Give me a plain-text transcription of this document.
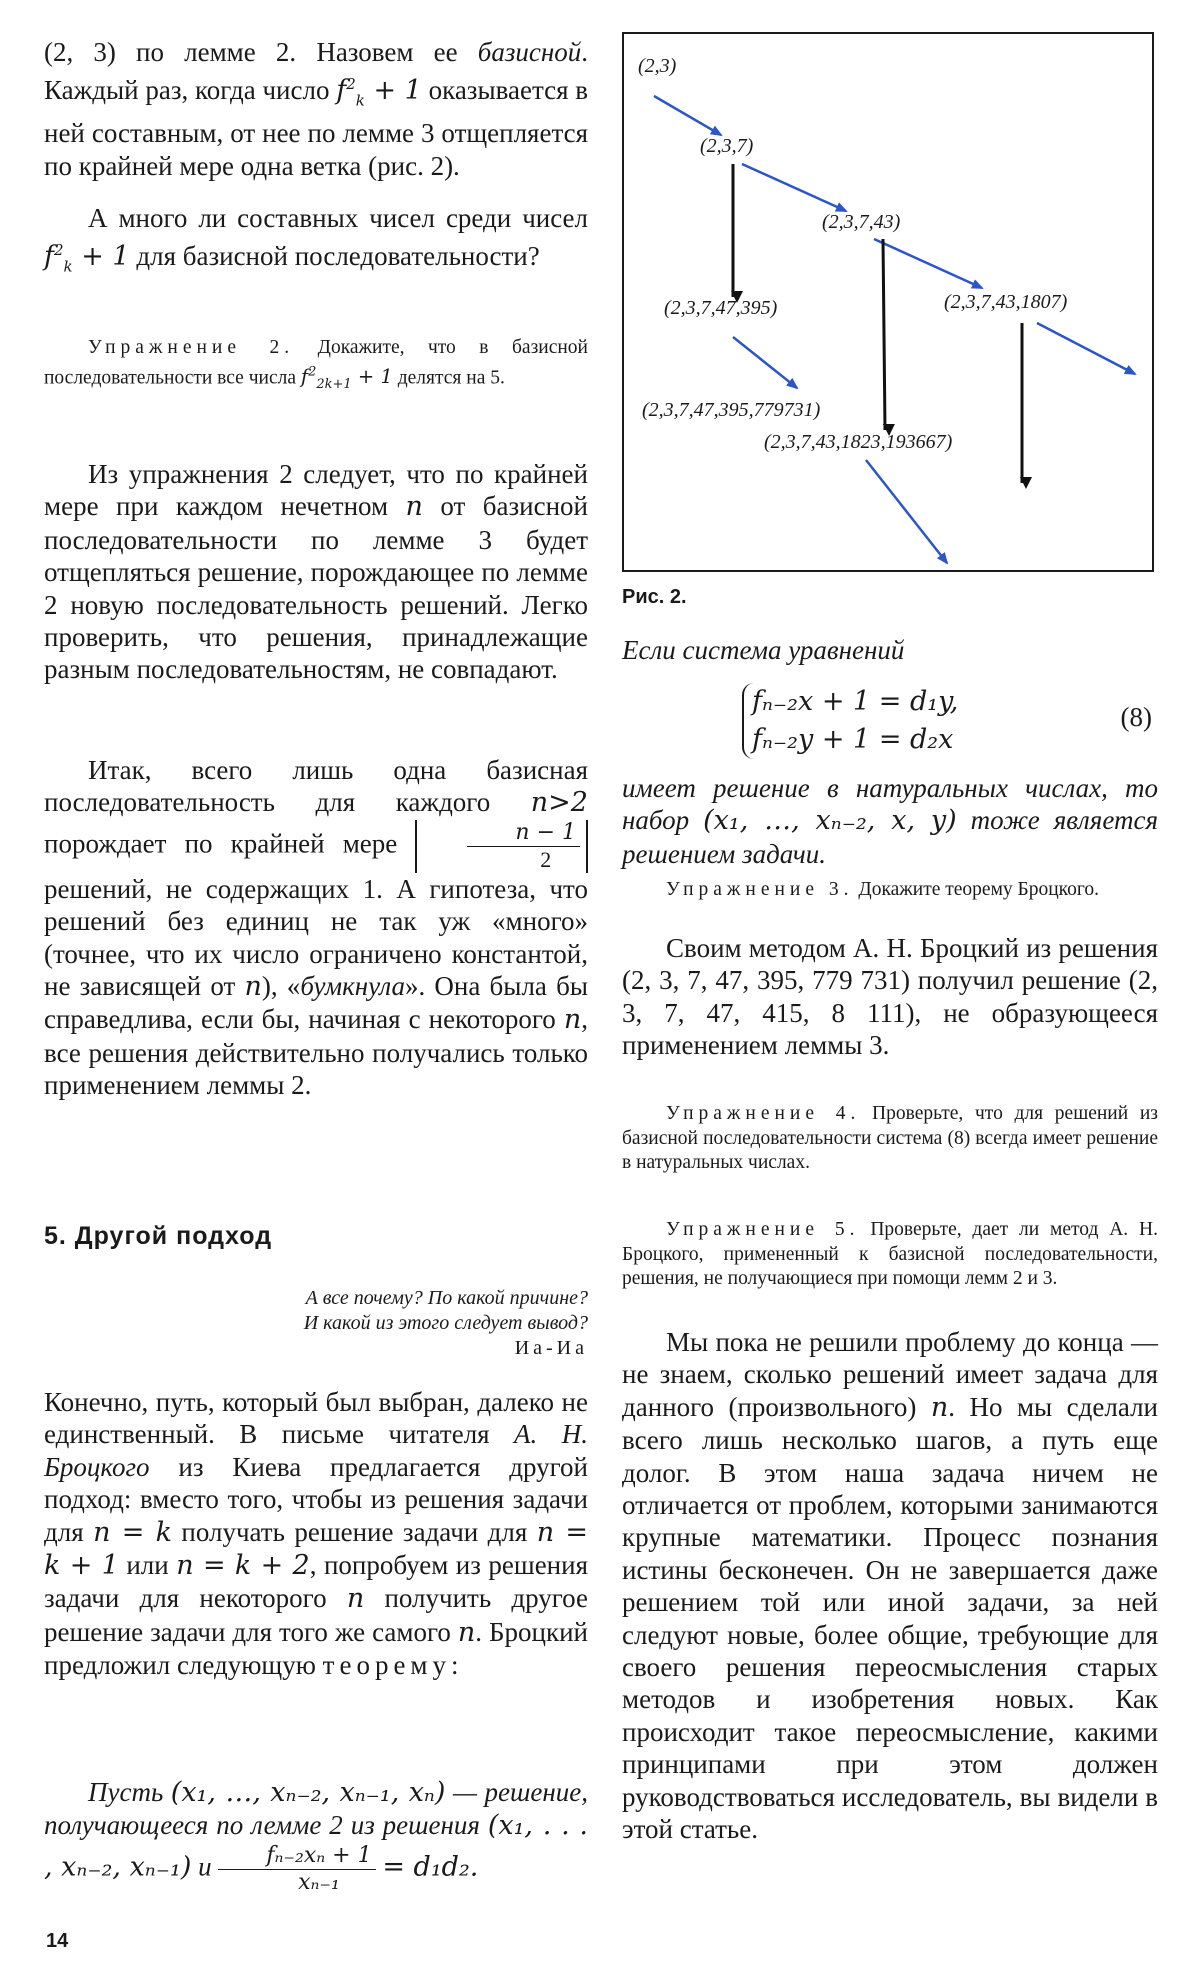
(2, 3) по лемме 2. Назовем ее базисной. Каждый раз, когда число $f^2_k + 1$ оказывается в ней составным, от нее по лемме 3 отщепляется по крайней мере одна ветка (рис. 2).

А много ли составных чисел среди чисел $f^2_k + 1$ для базисной последовательности?

Упражнение 2. Докажите, что в базисной последовательности все числа $f^2_{2k+1} + 1$ делятся на 5.

Из упражнения 2 следует, что по крайней мере при каждом нечетном n от базисной последовательности по лемме 3 будет отщепляться решение, порождающее по лемме 2 новую последовательность решений. Легко проверить, что решения, принадлежащие разным последовательностям, не совпадают.

Итак, всего лишь одна базисная последовательность для каждого n>2 порождает по крайней мере $\frac{n - 1}{2}$
решений, не содержащих 1. А гипотеза, что решений без единиц не так уж «много» (точнее, что их число ограничено константой, не зависящей от n), «бумкнула». Она была бы справедлива, если бы, начиная с некоторого n, все решения действительно получались только применением леммы 2.

5. Другой подход
А все почему? По какой причине?
И какой из этого следует вывод?
Иа-Иа

Конечно, путь, который был выбран, далеко не единственный. В письме читателя А. Н. Броцкого из Киева предлагается другой подход: вместо того, чтобы из решения задачи для n = k получать решение задачи для n = k + 1 или n = k + 2, попробуем из решения задачи для некоторого n получить другое решение задачи для того же самого n. Броцкий предложил следующую теорему:

Пусть (x₁, …, xₙ₋₂, xₙ₋₁, xₙ) — решение, получающееся по лемме 2 из решения (x₁, . . . , xₙ₋₂, xₙ₋₁) и $\frac{\text{fₙ₋₂xₙ + 1}}{\text{xₙ₋₁}} = d_1d_2$.

(2,3)
(2,3,7)
(2,3,7,43)
(2,3,7,47,395)	(2,3,7,43,1807)
(2,3,7,47,395,779731)
(2,3,7,43,1823,193667)

Рис. 2.

Если система уравнений

fₙ₋₂x + 1 = d₁y,
fₙ₋₂y + 1 = d₂x
(8)

имеет решение в натуральных числах, то набор (x₁, …, xₙ₋₂, x, y) тоже является решением задачи.

Упражнение 3. Докажите теорему Броцкого.

Своим методом А. Н. Броцкий из решения (2, 3, 7, 47, 395, 779 731) получил решение (2, 3, 7, 47, 415, 8 111), не образующееся применением леммы 3.

Упражнение 4. Проверьте, что для решений из базисной последовательности система (8) всегда имеет решение в натуральных числах.

Упражнение 5. Проверьте, дает ли метод А. Н. Броцкого, примененный к базисной последовательности, решения, не получающиеся при помощи лемм 2 и 3.

Мы пока не решили проблему до конца — не знаем, сколько решений имеет задача для данного (произвольного) n. Но мы сделали всего лишь несколько шагов, а путь еще долог. В этом наша задача ничем не отличается от проблем, которыми занимаются крупные математики. Процесс познания истины бесконечен. Он не завершается даже решением той или иной задачи, за ней следуют новые, более общие, требующие для своего решения переосмысления старых методов и изобретения новых. Как происходит такое переосмысление, какими принципами при этом должен руководствоваться исследователь, вы видели в этой статье.

14
